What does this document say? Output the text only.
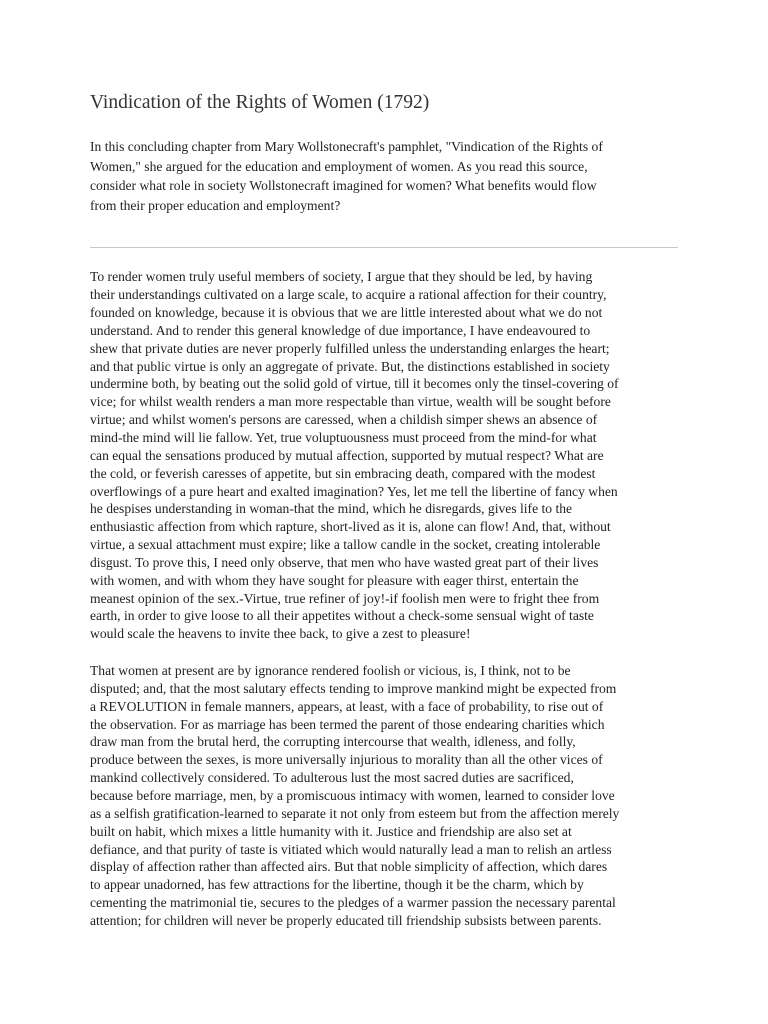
Vindication of the Rights of Women (1792)

In this concluding chapter from Mary Wollstonecraft's pamphlet, "Vindication of the Rights of
Women," she argued for the education and employment of women. As you read this source,
consider what role in society Wollstonecraft imagined for women? What benefits would flow
from their proper education and employment?

To render women truly useful members of society, I argue that they should be led, by having
their understandings cultivated on a large scale, to acquire a rational affection for their country,
founded on knowledge, because it is obvious that we are little interested about what we do not
understand. And to render this general knowledge of due importance, I have endeavoured to
shew that private duties are never properly fulfilled unless the understanding enlarges the heart;
and that public virtue is only an aggregate of private. But, the distinctions established in society
undermine both, by beating out the solid gold of virtue, till it becomes only the tinsel-covering of
vice; for whilst wealth renders a man more respectable than virtue, wealth will be sought before
virtue; and whilst women's persons are caressed, when a childish simper shews an absence of
mind-the mind will lie fallow. Yet, true voluptuousness must proceed from the mind-for what
can equal the sensations produced by mutual affection, supported by mutual respect? What are
the cold, or feverish caresses of appetite, but sin embracing death, compared with the modest
overflowings of a pure heart and exalted imagination? Yes, let me tell the libertine of fancy when
he despises understanding in woman-that the mind, which he disregards, gives life to the
enthusiastic affection from which rapture, short-lived as it is, alone can flow! And, that, without
virtue, a sexual attachment must expire; like a tallow candle in the socket, creating intolerable
disgust. To prove this, I need only observe, that men who have wasted great part of their lives
with women, and with whom they have sought for pleasure with eager thirst, entertain the
meanest opinion of the sex.-Virtue, true refiner of joy!-if foolish men were to fright thee from
earth, in order to give loose to all their appetites without a check-some sensual wight of taste
would scale the heavens to invite thee back, to give a zest to pleasure!

That women at present are by ignorance rendered foolish or vicious, is, I think, not to be
disputed; and, that the most salutary effects tending to improve mankind might be expected from
a REVOLUTION in female manners, appears, at least, with a face of probability, to rise out of
the observation. For as marriage has been termed the parent of those endearing charities which
draw man from the brutal herd, the corrupting intercourse that wealth, idleness, and folly,
produce between the sexes, is more universally injurious to morality than all the other vices of
mankind collectively considered. To adulterous lust the most sacred duties are sacrificed,
because before marriage, men, by a promiscuous intimacy with women, learned to consider love
as a selfish gratification-learned to separate it not only from esteem but from the affection merely
built on habit, which mixes a little humanity with it. Justice and friendship are also set at
defiance, and that purity of taste is vitiated which would naturally lead a man to relish an artless
display of affection rather than affected airs. But that noble simplicity of affection, which dares
to appear unadorned, has few attractions for the libertine, though it be the charm, which by
cementing the matrimonial tie, secures to the pledges of a warmer passion the necessary parental
attention; for children will never be properly educated till friendship subsists between parents.
